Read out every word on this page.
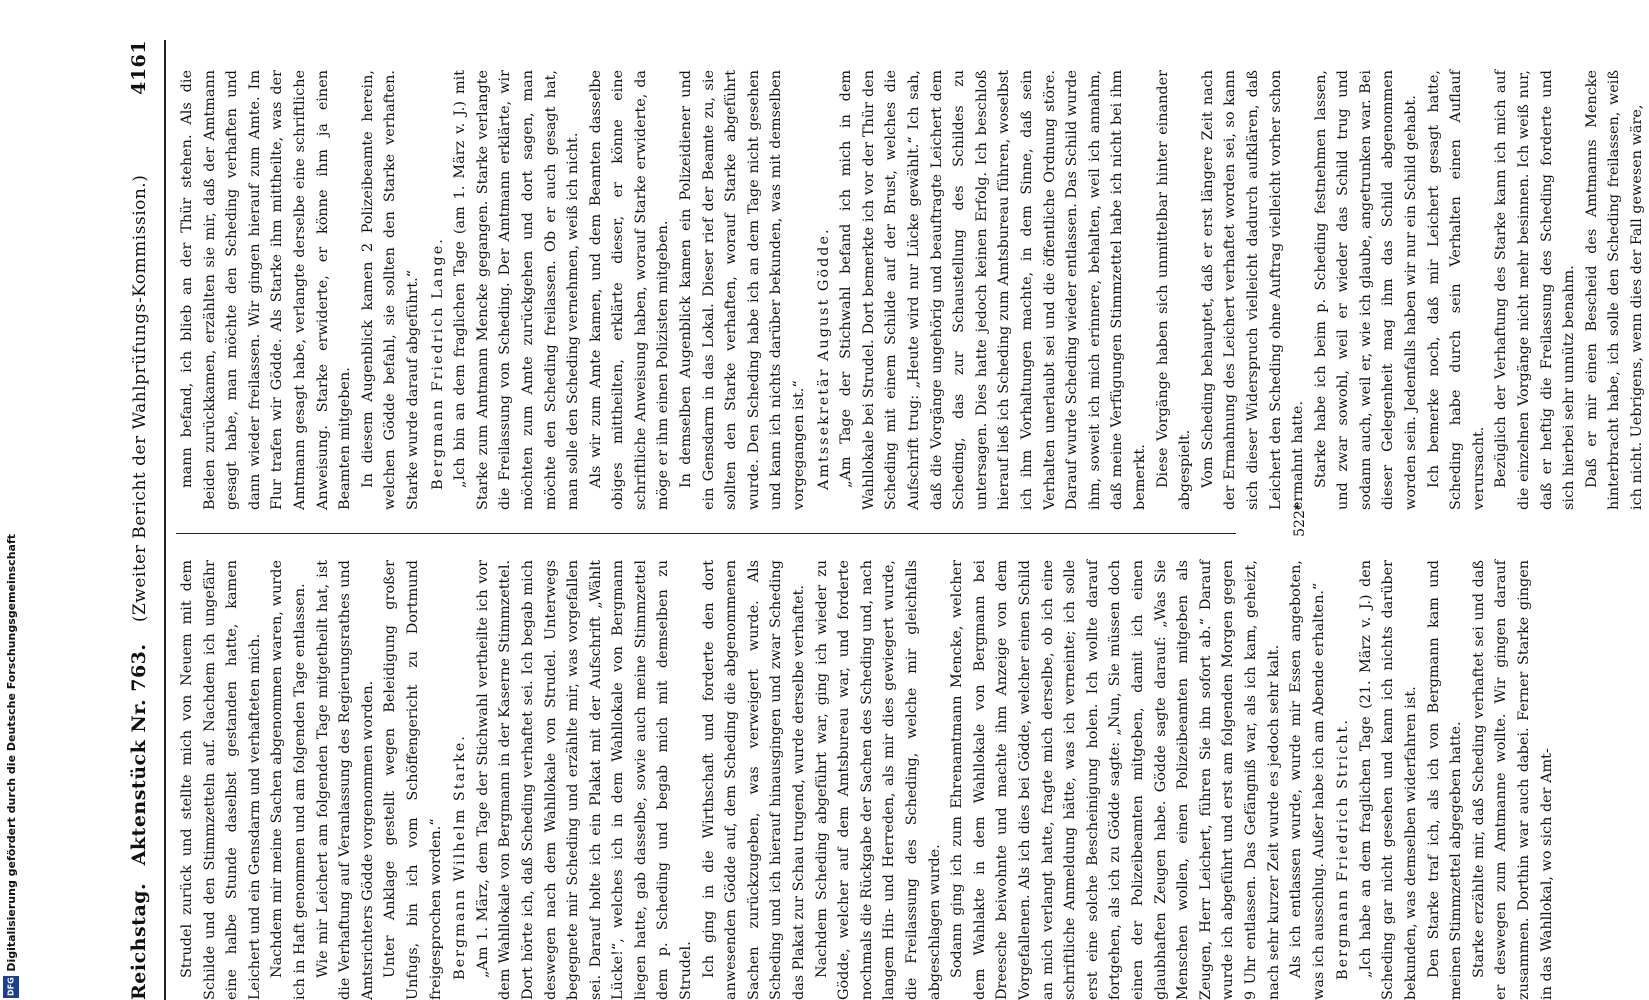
Digitalisierung gefördert durch die Deutsche Forschungsgemeinschaft
DFG	Reichstag.
Aktenstück Nr. 763.   (Zweiter Bericht der Wahlprüfungs-Kommission.)
4161

Strudel zurück und stellte mich von Neuem mit dem Schilde und den Stimmzetteln auf. Nachdem ich ungefähr eine halbe Stunde daselbst gestanden hatte, kamen Leichert und ein Gensdarm und verhafteten mich. Nachdem mir meine Sachen abgenommen waren, wurde ich in Haft genommen und am folgenden Tage entlassen. Wie mir Leichert am folgenden Tage mitgetheilt hat, ist die Verhaftung auf Veranlassung des Regierungsrathes und Amtsrichters Gödde vorgenommen worden. Unter Anklage gestellt wegen Beleidigung großer Unfugs, bin ich vom Schöffengericht zu Dortmund freigesprochen worden.“ Bergmann Wilhelm Starke. „Am 1. März, dem Tage der Stichwahl vertheilte ich vor dem Wahllokale von Bergmann in der Kaserne Stimmzettel. Dort hörte ich, daß Scheding verhaftet sei. Ich begab mich deswegen nach dem Wahllokale von Strudel. Unterwegs begegnete mir Scheding und erzählte mir, was vorgefallen sei. Darauf holte ich ein Plakat mit der Aufschrift „Wählt Lücke!“, welches ich in dem Wahllokale von Bergmann liegen hatte, gab dasselbe, sowie auch meine Stimmzettel dem p. Scheding und begab mich mit demselben zu Strudel. Ich ging in die Wirthschaft und forderte den dort anwesenden Gödde auf, dem Scheding die abgenommenen Sachen zurückzugeben, was verweigert wurde. Als Scheding und ich hierauf hinausgingen und zwar Scheding das Plakat zur Schau trugend, wurde derselbe verhaftet. Nachdem Scheding abgeführt war, ging ich wieder zu Gödde, welcher auf dem Amtsbureau war, und forderte nochmals die Rückgabe der Sachen des Scheding und, nach langem Hin- und Herreden, als mir dies gewiegert wurde, die Freilassung des Scheding, welche mir gleichfalls abgeschlagen wurde. Sodann ging ich zum Ehrenamtmann Mencke, welcher dem Wahlakte in dem Wahllokale von Bergmann bei Dreesche beiwohnte und machte ihm Anzeige von dem Vorgefallenen. Als ich dies bei Gödde, welcher einen Schild an mich verlangt hatte, fragte mich derselbe, ob ich eine schriftliche Anmeldung hätte, was ich verneinte; ich solle erst eine solche Bescheinigung holen. Ich wollte darauf fortgehen, als ich zu Gödde sagte: „Nun, Sie müssen doch einen der Polizeibeamten mitgeben, damit ich einen glaubhaften Zeugen habe. Gödde sagte darauf: „Was Sie Menschen wollen, einen Polizeibeamten mitgeben als Zeugen, Herr Leichert, führen Sie ihn sofort ab.“ Darauf wurde ich abgeführt und erst am folgenden Morgen gegen 9 Uhr entlassen. Das Gefängniß war, als ich kam, geheizt, nach sehr kurzer Zeit wurde es jedoch sehr kalt. Als ich entlassen wurde, wurde mir Essen angeboten, was ich ausschlug. Außer habe ich am Abende erhalten.“ Bergmann Friedrich Stricht. „Ich habe an dem fraglichen Tage (21. März v. J.) den Scheding gar nicht gesehen und kann ich nichts darüber bekunden, was demselben widerfahren ist. Den Starke traf ich, als ich von Bergmann kam und meinen Stimmzettel abgegeben hatte. Starke erzählte mir, daß Scheding verhaftet sei und daß er deswegen zum Amtmanne wollte. Wir gingen darauf zusammen. Dorthin war auch dabei. Ferner Starke gingen in das Wahllokal, wo sich der Amt-

mann befand, ich blieb an der Thür stehen. Als die Beiden zurückkamen, erzählten sie mir, daß der Amtmann gesagt habe, man möchte den Scheding verhaften und dann wieder freilassen. Wir gingen hierauf zum Amte. Im Flur trafen wir Gödde. Als Starke ihm mittheilte, was der Amtmann gesagt habe, verlangte derselbe eine schriftliche Anweisung. Starke erwiderte, er könne ihm ja einen Beamten mitgeben. In diesem Augenblick kamen 2 Polizeibeamte herein, welchen Gödde befahl, sie sollten den Starke verhaften. Starke wurde darauf abgeführt.“ Bergmann Friedrich Lange. „Ich bin an dem fraglichen Tage (am 1. März v. J.) mit Starke zum Amtmann Mencke gegangen. Starke verlangte die Freilassung von Scheding. Der Amtmann erklärte, wir möchten zum Amte zurückgehen und dort sagen, man möchte den Scheding freilassen. Ob er auch gesagt hat, man solle den Scheding vernehmen, weiß ich nicht. Als wir zum Amte kamen, und dem Beamten dasselbe obiges mittheilten, erklärte dieser, er könne eine schriftliche Anweisung haben, worauf Starke erwiderte, da möge er ihm einen Polizisten mitgeben. In demselben Augenblick kamen ein Polizeidiener und ein Gensdarm in das Lokal. Dieser rief der Beamte zu, sie sollten den Starke verhaften, worauf Starke abgeführt wurde. Den Scheding habe ich an dem Tage nicht gesehen und kann ich nichts darüber bekunden, was mit demselben vorgegangen ist.“ Amtssekretär August Gödde. „Am Tage der Stichwahl befand ich mich in dem Wahllokale bei Strudel. Dort bemerkte ich vor der Thür den Scheding mit einem Schilde auf der Brust, welches die Aufschrift trug: „Heute wird nur Lücke gewählt.“ Ich sah, daß die Vorgänge ungehörig und beauftragte Leichert dem Scheding, das zur Schaustellung des Schildes zu untersagen. Dies hatte jedoch keinen Erfolg. Ich beschloß hierauf ließ ich Scheding zum Amtsbureau führen, woselbst ich ihm Vorhaltungen machte, in dem Sinne, daß sein Verhalten unerlaubt sei und die öffentliche Ordnung störe. Darauf wurde Scheding wieder entlassen. Das Schild wurde ihm, soweit ich mich erinnere, behalten, weil ich annahm, daß meine Verfügungen Stimmzettel habe ich nicht bei ihm bemerkt. Diese Vorgänge haben sich unmittelbar hinter einander abgespielt. Vom Scheding behauptet, daß er erst längere Zeit nach der Ermahnung des Leichert verhaftet worden sei, so kann sich dieser Widerspruch vielleicht dadurch aufklären, daß Leichert den Scheding ohne Auftrag vielleicht vorher schon ermahnt hatte. Starke habe ich beim p. Scheding festnehmen lassen, und zwar sowohl, weil er wieder das Schild trug und sodann auch, weil er, wie ich glaube, angetrunken war. Bei dieser Gelegenheit mag ihm das Schild abgenommen worden sein. Jedenfalls haben wir nur ein Schild gehabt. Ich bemerke noch, daß mir Leichert gesagt hatte, Scheding habe durch sein Verhalten einen Auflauf verursacht. Bezüglich der Verhaftung des Starke kann ich mich auf die einzelnen Vorgänge nicht mehr besinnen. Ich weiß nur, daß er heftig die Freilassung des Scheding forderte und sich hierbei sehr unnütz benahm. Daß er mir einen Bescheid des Amtmanns Mencke hinterbracht habe, ich solle den Scheding freilassen, weiß ich nicht. Uebrigens, wenn dies der Fall gewesen wäre,

522*
